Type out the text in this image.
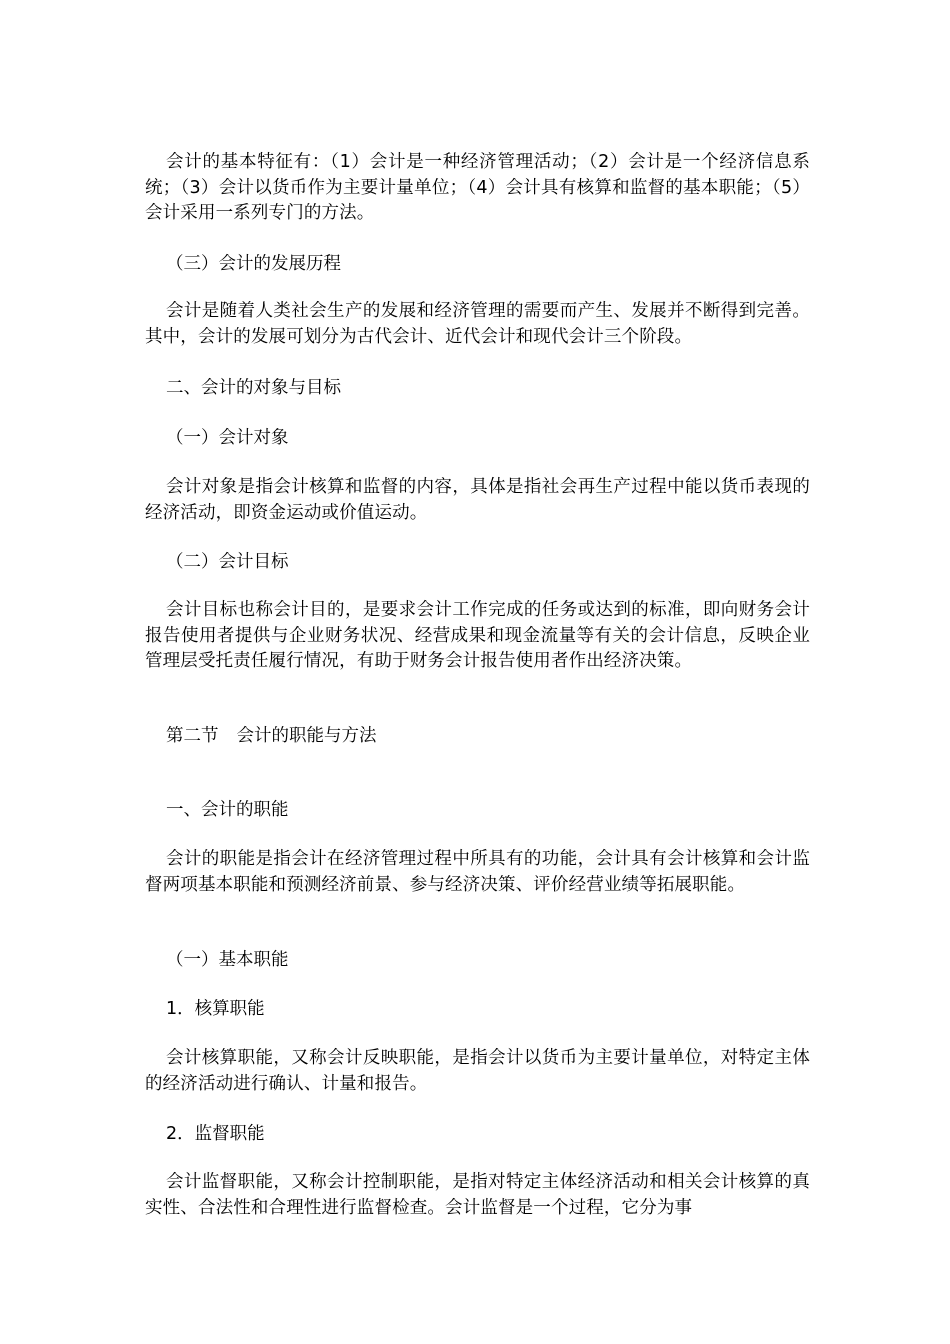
会计的基本特征有：（1）会计是一种经济管理活动；（2）会计是一个经济信息系统；（3）会计以货币作为主要计量单位；（4）会计具有核算和监督的基本职能；（5）会计采用一系列专门的方法。

（三）会计的发展历程

会计是随着人类社会生产的发展和经济管理的需要而产生、发展并不断得到完善。其中，会计的发展可划分为古代会计、近代会计和现代会计三个阶段。

二、会计的对象与目标

（一）会计对象

会计对象是指会计核算和监督的内容，具体是指社会再生产过程中能以货币表现的经济活动，即资金运动或价值运动。

（二）会计目标

会计目标也称会计目的，是要求会计工作完成的任务或达到的标准，即向财务会计报告使用者提供与企业财务状况、经营成果和现金流量等有关的会计信息，反映企业管理层受托责任履行情况，有助于财务会计报告使用者作出经济决策。

第二节 会计的职能与方法

一、会计的职能

会计的职能是指会计在经济管理过程中所具有的功能，会计具有会计核算和会计监督两项基本职能和预测经济前景、参与经济决策、评价经营业绩等拓展职能。

（一）基本职能

1．核算职能

会计核算职能，又称会计反映职能，是指会计以货币为主要计量单位，对特定主体的经济活动进行确认、计量和报告。

2．监督职能

会计监督职能，又称会计控制职能，是指对特定主体经济活动和相关会计核算的真实性、合法性和合理性进行监督检查。会计监督是一个过程，它分为事
